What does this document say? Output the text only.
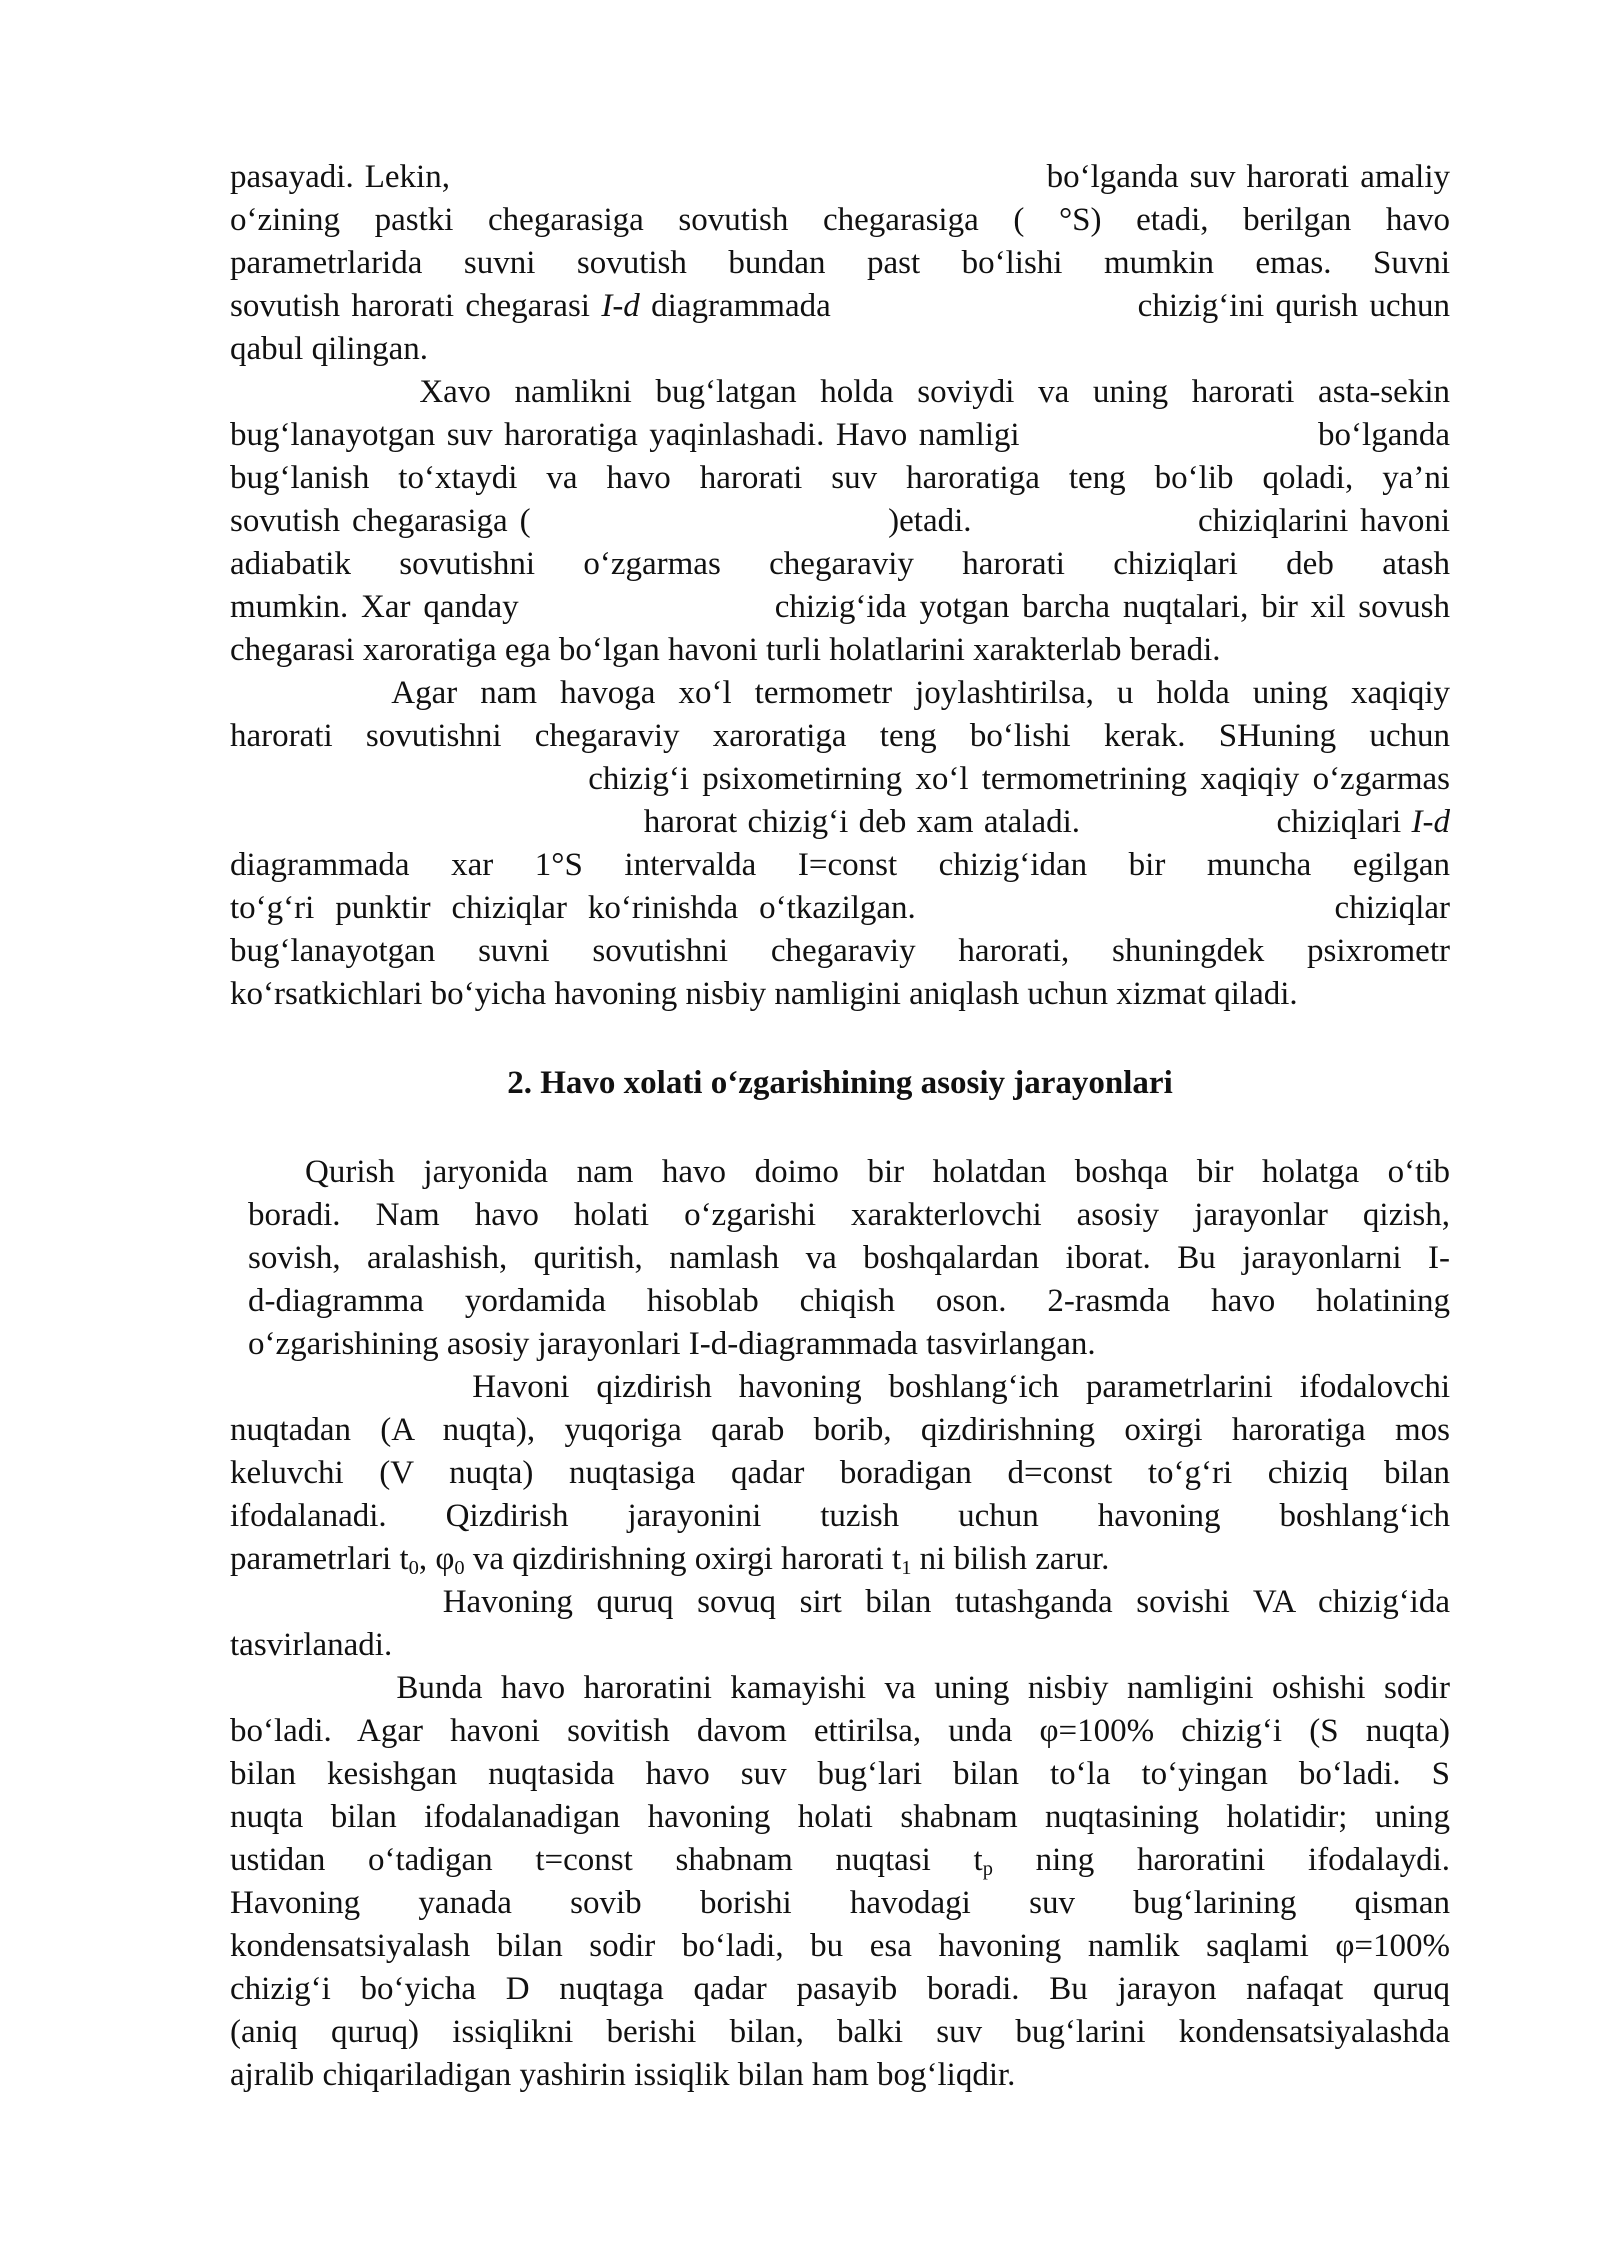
pasayadi. Lekin,                                                      bo‘lganda suv harorati amaliy
o‘zining pastki chegarasiga sovutish chegarasiga ( °S) etadi, berilgan havo
parametrlarida suvni sovutish bundan past bo‘lishi mumkin emas. Suvni
sovutish harorati chegarasi I-d diagrammada                           chizig‘ini qurish uchun
qabul qilingan.
Xavo namlikni bug‘latgan holda soviydi va uning harorati asta-sekin
bug‘lanayotgan suv haroratiga yaqinlashadi. Havo namligi                          bo‘lganda
bug‘lanish to‘xtaydi va havo harorati suv haroratiga teng bo‘lib qoladi, ya’ni
sovutish chegarasiga (                              )etadi.                   chiziqlarini havoni
adiabatik sovutishni o‘zgarmas chegaraviy harorati chiziqlari deb atash
mumkin. Xar qanday                    chizig‘ida yotgan barcha nuqtalari, bir xil sovush
chegarasi xaroratiga ega bo‘lgan havoni turli holatlarini xarakterlab beradi.
Agar nam havoga xo‘l termometr joylashtirilsa, u holda uning xaqiqiy
harorati sovutishni chegaraviy xaroratiga teng bo‘lishi kerak. SHuning uchun
chizig‘i psixometirning xo‘l termometrining xaqiqiy o‘zgarmas
harorat chizig‘i deb xam ataladi.                   chiziqlari I-d
diagrammada xar 1°S intervalda I=const chizig‘idan bir muncha egilgan
to‘g‘ri punktir chiziqlar ko‘rinishda o‘tkazilgan.                    chiziqlar
bug‘lanayotgan suvni sovutishni chegaraviy harorati, shuningdek psixrometr
ko‘rsatkichlari bo‘yicha havoning nisbiy namligini aniqlash uchun xizmat qiladi.
2. Havo xolati o‘zgarishining asosiy jarayonlari
Qurish jaryonida nam havo doimo bir holatdan boshqa bir holatga o‘tib
boradi. Nam havo holati o‘zgarishi xarakterlovchi asosiy jarayonlar qizish,
sovish, aralashish, quritish, namlash va boshqalardan iborat. Bu jarayonlarni I-
d-diagramma yordamida hisoblab chiqish oson. 2-rasmda havo holatining
o‘zgarishining asosiy jarayonlari I-d-diagrammada tasvirlangan.
Havoni qizdirish havoning boshlang‘ich parametrlarini ifodalovchi
nuqtadan (A nuqta), yuqoriga qarab borib, qizdirishning oxirgi haroratiga mos
keluvchi (V nuqta) nuqtasiga qadar boradigan d=const to‘g‘ri chiziq bilan
ifodalanadi. Qizdirish jarayonini tuzish uchun havoning boshlang‘ich
parametrlari $t_0$, $\varphi_0$ va qizdirishning oxirgi harorati $t_1$ ni bilish zarur.
Havoning quruq sovuq sirt bilan tutashganda sovishi VA chizig‘ida
tasvirlanadi.
Bunda havo haroratini kamayishi va uning nisbiy namligini oshishi sodir
bo‘ladi. Agar havoni sovitish davom ettirilsa, unda φ=100% chizig‘i (S nuqta)
bilan kesishgan nuqtasida havo suv bug‘lari bilan to‘la to‘yingan bo‘ladi. S
nuqta bilan ifodalanadigan havoning holati shabnam nuqtasining holatidir; uning
ustidan o‘tadigan t=const shabnam nuqtasi $t_p$ ning haroratini ifodalaydi.
Havoning yanada sovib borishi havodagi suv bug‘larining qisman
kondensatsiyalash bilan sodir bo‘ladi, bu esa havoning namlik saqlami φ=100%
chizig‘i bo‘yicha D nuqtaga qadar pasayib boradi. Bu jarayon nafaqat quruq
(aniq quruq) issiqlikni berishi bilan, balki suv bug‘larini kondensatsiyalashda
ajralib chiqariladigan yashirin issiqlik bilan ham bog‘liqdir.
